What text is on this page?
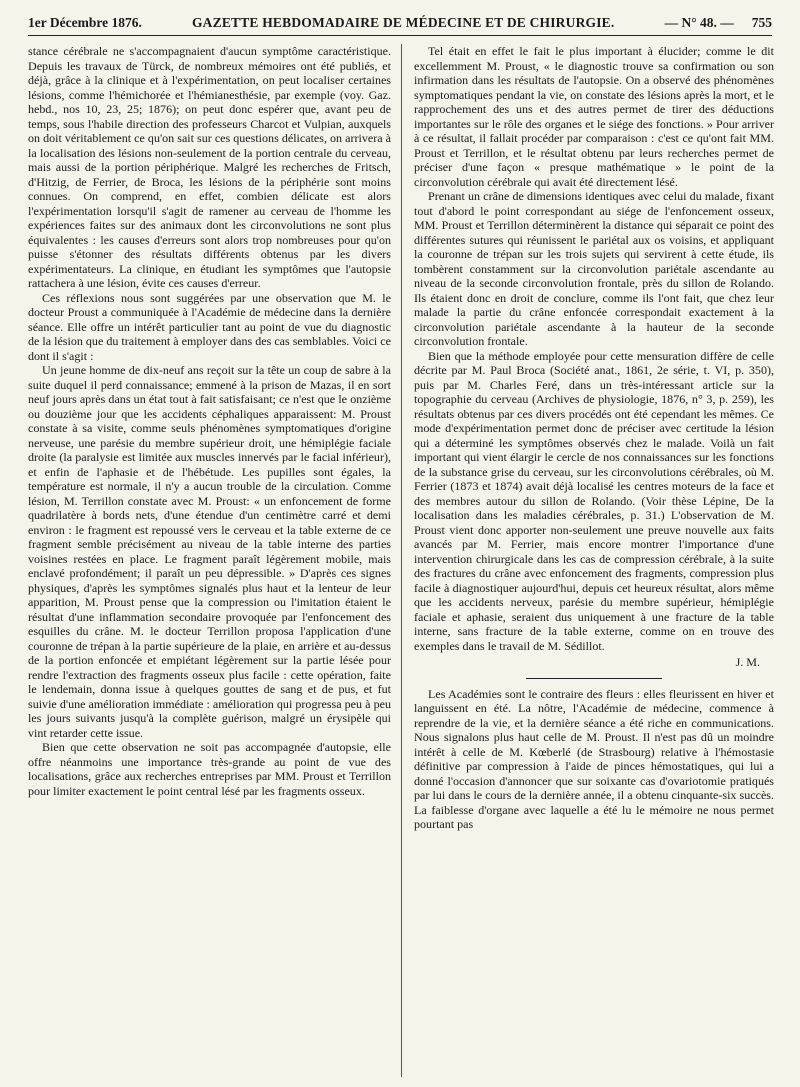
1er Décembre 1876.	GAZETTE HEBDOMADAIRE DE MÉDECINE ET DE CHIRURGIE.	— N° 48. — 755

stance cérébrale ne s'accompagnaient d'aucun symptôme caractéristique. Depuis les travaux de Türck, de nombreux mémoires ont été publiés, et déjà, grâce à la clinique et à l'expérimentation, on peut localiser certaines lésions, comme l'hémichorée et l'hémianesthésie, par exemple (voy. Gaz. hebd., nos 10, 23, 25; 1876); on peut donc espérer que, avant peu de temps, sous l'habile direction des professeurs Charcot et Vulpian, auxquels on doit véritablement ce qu'on sait sur ces questions délicates, on arrivera à la localisation des lésions non-seulement de la portion centrale du cerveau, mais aussi de la portion périphérique. Malgré les recherches de Fritsch, d'Hitzig, de Ferrier, de Broca, les lésions de la périphérie sont moins connues. On comprend, en effet, combien délicate est alors l'expérimentation lorsqu'il s'agit de ramener au cerveau de l'homme les expériences faites sur des animaux dont les circonvolutions ne sont plus équivalentes : les causes d'erreurs sont alors trop nombreuses pour qu'on puisse s'étonner des résultats différents obtenus par les divers expérimentateurs. La clinique, en étudiant les symptômes que l'autopsie rattachera à une lésion, évite ces causes d'erreur.

Ces réflexions nous sont suggérées par une observation que M. le docteur Proust a communiquée à l'Académie de médecine dans la dernière séance. Elle offre un intérêt particulier tant au point de vue du diagnostic de la lésion que du traitement à employer dans des cas semblables. Voici ce dont il s'agit :

Un jeune homme de dix-neuf ans reçoit sur la tête un coup de sabre à la suite duquel il perd connaissance; emmené à la prison de Mazas, il en sort neuf jours après dans un état tout à fait satisfaisant; ce n'est que le onzième ou douzième jour que les accidents céphaliques apparaissent: M. Proust constate à sa visite, comme seuls phénomènes symptomatiques d'origine nerveuse, une parésie du membre supérieur droit, une hémiplégie faciale droite (la paralysie est limitée aux muscles innervés par le facial inférieur), et enfin de l'aphasie et de l'hébétude. Les pupilles sont égales, la température est normale, il n'y a aucun trouble de la circulation. Comme lésion, M. Terrillon constate avec M. Proust: « un enfoncement de forme quadrilatère à bords nets, d'une étendue d'un centimètre carré et demi environ : le fragment est repoussé vers le cerveau et la table externe de ce fragment semble précisément au niveau de la table interne des parties voisines restées en place. Le fragment paraît légèrement mobile, mais enclavé profondément; il paraît un peu dépressible. » D'après ces signes physiques, d'après les symptômes signalés plus haut et la lenteur de leur apparition, M. Proust pense que la compression ou l'imitation étaient le résultat d'une inflammation secondaire provoquée par l'enfoncement des esquilles du crâne. M. le docteur Terrillon proposa l'application d'une couronne de trépan à la partie supérieure de la plaie, en arrière et au-dessus de la portion enfoncée et empiétant légèrement sur la partie lésée pour rendre l'extraction des fragments osseux plus facile : cette opération, faite le lendemain, donna issue à quelques gouttes de sang et de pus, et fut suivie d'une amélioration immédiate : amélioration qui progressa peu à peu les jours suivants jusqu'à la complète guérison, malgré un érysipèle qui vint retarder cette issue.

Bien que cette observation ne soit pas accompagnée d'autopsie, elle offre néanmoins une importance très-grande au point de vue des localisations, grâce aux recherches entreprises par MM. Proust et Terrillon pour limiter exactement le point central lésé par les fragments osseux.

Tel était en effet le fait le plus important à élucider; comme le dit excellemment M. Proust, « le diagnostic trouve sa confirmation ou son infirmation dans les résultats de l'autopsie. On a observé des phénomènes symptomatiques pendant la vie, on constate des lésions après la mort, et le rapprochement des uns et des autres permet de tirer des déductions importantes sur le rôle des organes et le siége des fonctions. » Pour arriver à ce résultat, il fallait procéder par comparaison : c'est ce qu'ont fait MM. Proust et Terrillon, et le résultat obtenu par leurs recherches permet de préciser d'une façon « presque mathématique » le point de la circonvolution cérébrale qui avait été directement lésé.

Prenant un crâne de dimensions identiques avec celui du malade, fixant tout d'abord le point correspondant au siége de l'enfoncement osseux, MM. Proust et Terrillon déterminèrent la distance qui séparait ce point des différentes sutures qui réunissent le pariétal aux os voisins, et appliquant la couronne de trépan sur les trois sujets qui servirent à cette étude, ils tombèrent constamment sur la circonvolution pariétale ascendante au niveau de la seconde circonvolution frontale, près du sillon de Rolando. Ils étaient donc en droit de conclure, comme ils l'ont fait, que chez leur malade la partie du crâne enfoncée correspondait exactement à la circonvolution pariétale ascendante à la hauteur de la seconde circonvolution frontale.

Bien que la méthode employée pour cette mensuration diffère de celle décrite par M. Paul Broca (Société anat., 1861, 2e série, t. VI, p. 350), puis par M. Charles Feré, dans un très-intéressant article sur la topographie du cerveau (Archives de physiologie, 1876, n° 3, p. 259), les résultats obtenus par ces divers procédés ont été cependant les mêmes. Ce mode d'expérimentation permet donc de préciser avec certitude la lésion qui a déterminé les symptômes observés chez le malade. Voilà un fait important qui vient élargir le cercle de nos connaissances sur les fonctions de la substance grise du cerveau, sur les circonvolutions cérébrales, où M. Ferrier (1873 et 1874) avait déjà localisé les centres moteurs de la face et des membres autour du sillon de Rolando. (Voir thèse Lépine, De la localisation dans les maladies cérébrales, p. 31.) L'observation de M. Proust vient donc apporter non-seulement une preuve nouvelle aux faits avancés par M. Ferrier, mais encore montrer l'importance d'une intervention chirurgicale dans les cas de compression cérébrale, à la suite des fractures du crâne avec enfoncement des fragments, compression plus facile à diagnostiquer aujourd'hui, depuis cet heureux résultat, alors même que les accidents nerveux, parésie du membre supérieur, hémiplégie faciale et aphasie, seraient dus uniquement à une fracture de la table interne, sans fracture de la table externe, comme on en trouve des exemples dans le travail de M. Sédillot.

J. M.

Les Académies sont le contraire des fleurs : elles fleurissent en hiver et languissent en été. La nôtre, l'Académie de médecine, commence à reprendre de la vie, et la dernière séance a été riche en communications. Nous signalons plus haut celle de M. Proust. Il n'est pas dû un moindre intérêt à celle de M. Kœberlé (de Strasbourg) relative à l'hémostasie définitive par compression à l'aide de pinces hémostatiques, qui lui a donné l'occasion d'annoncer que sur soixante cas d'ovariotomie pratiqués par lui dans le cours de la dernière année, il a obtenu cinquante-six succès. La faiblesse d'organe avec laquelle a été lu le mémoire ne nous permet pourtant pas
